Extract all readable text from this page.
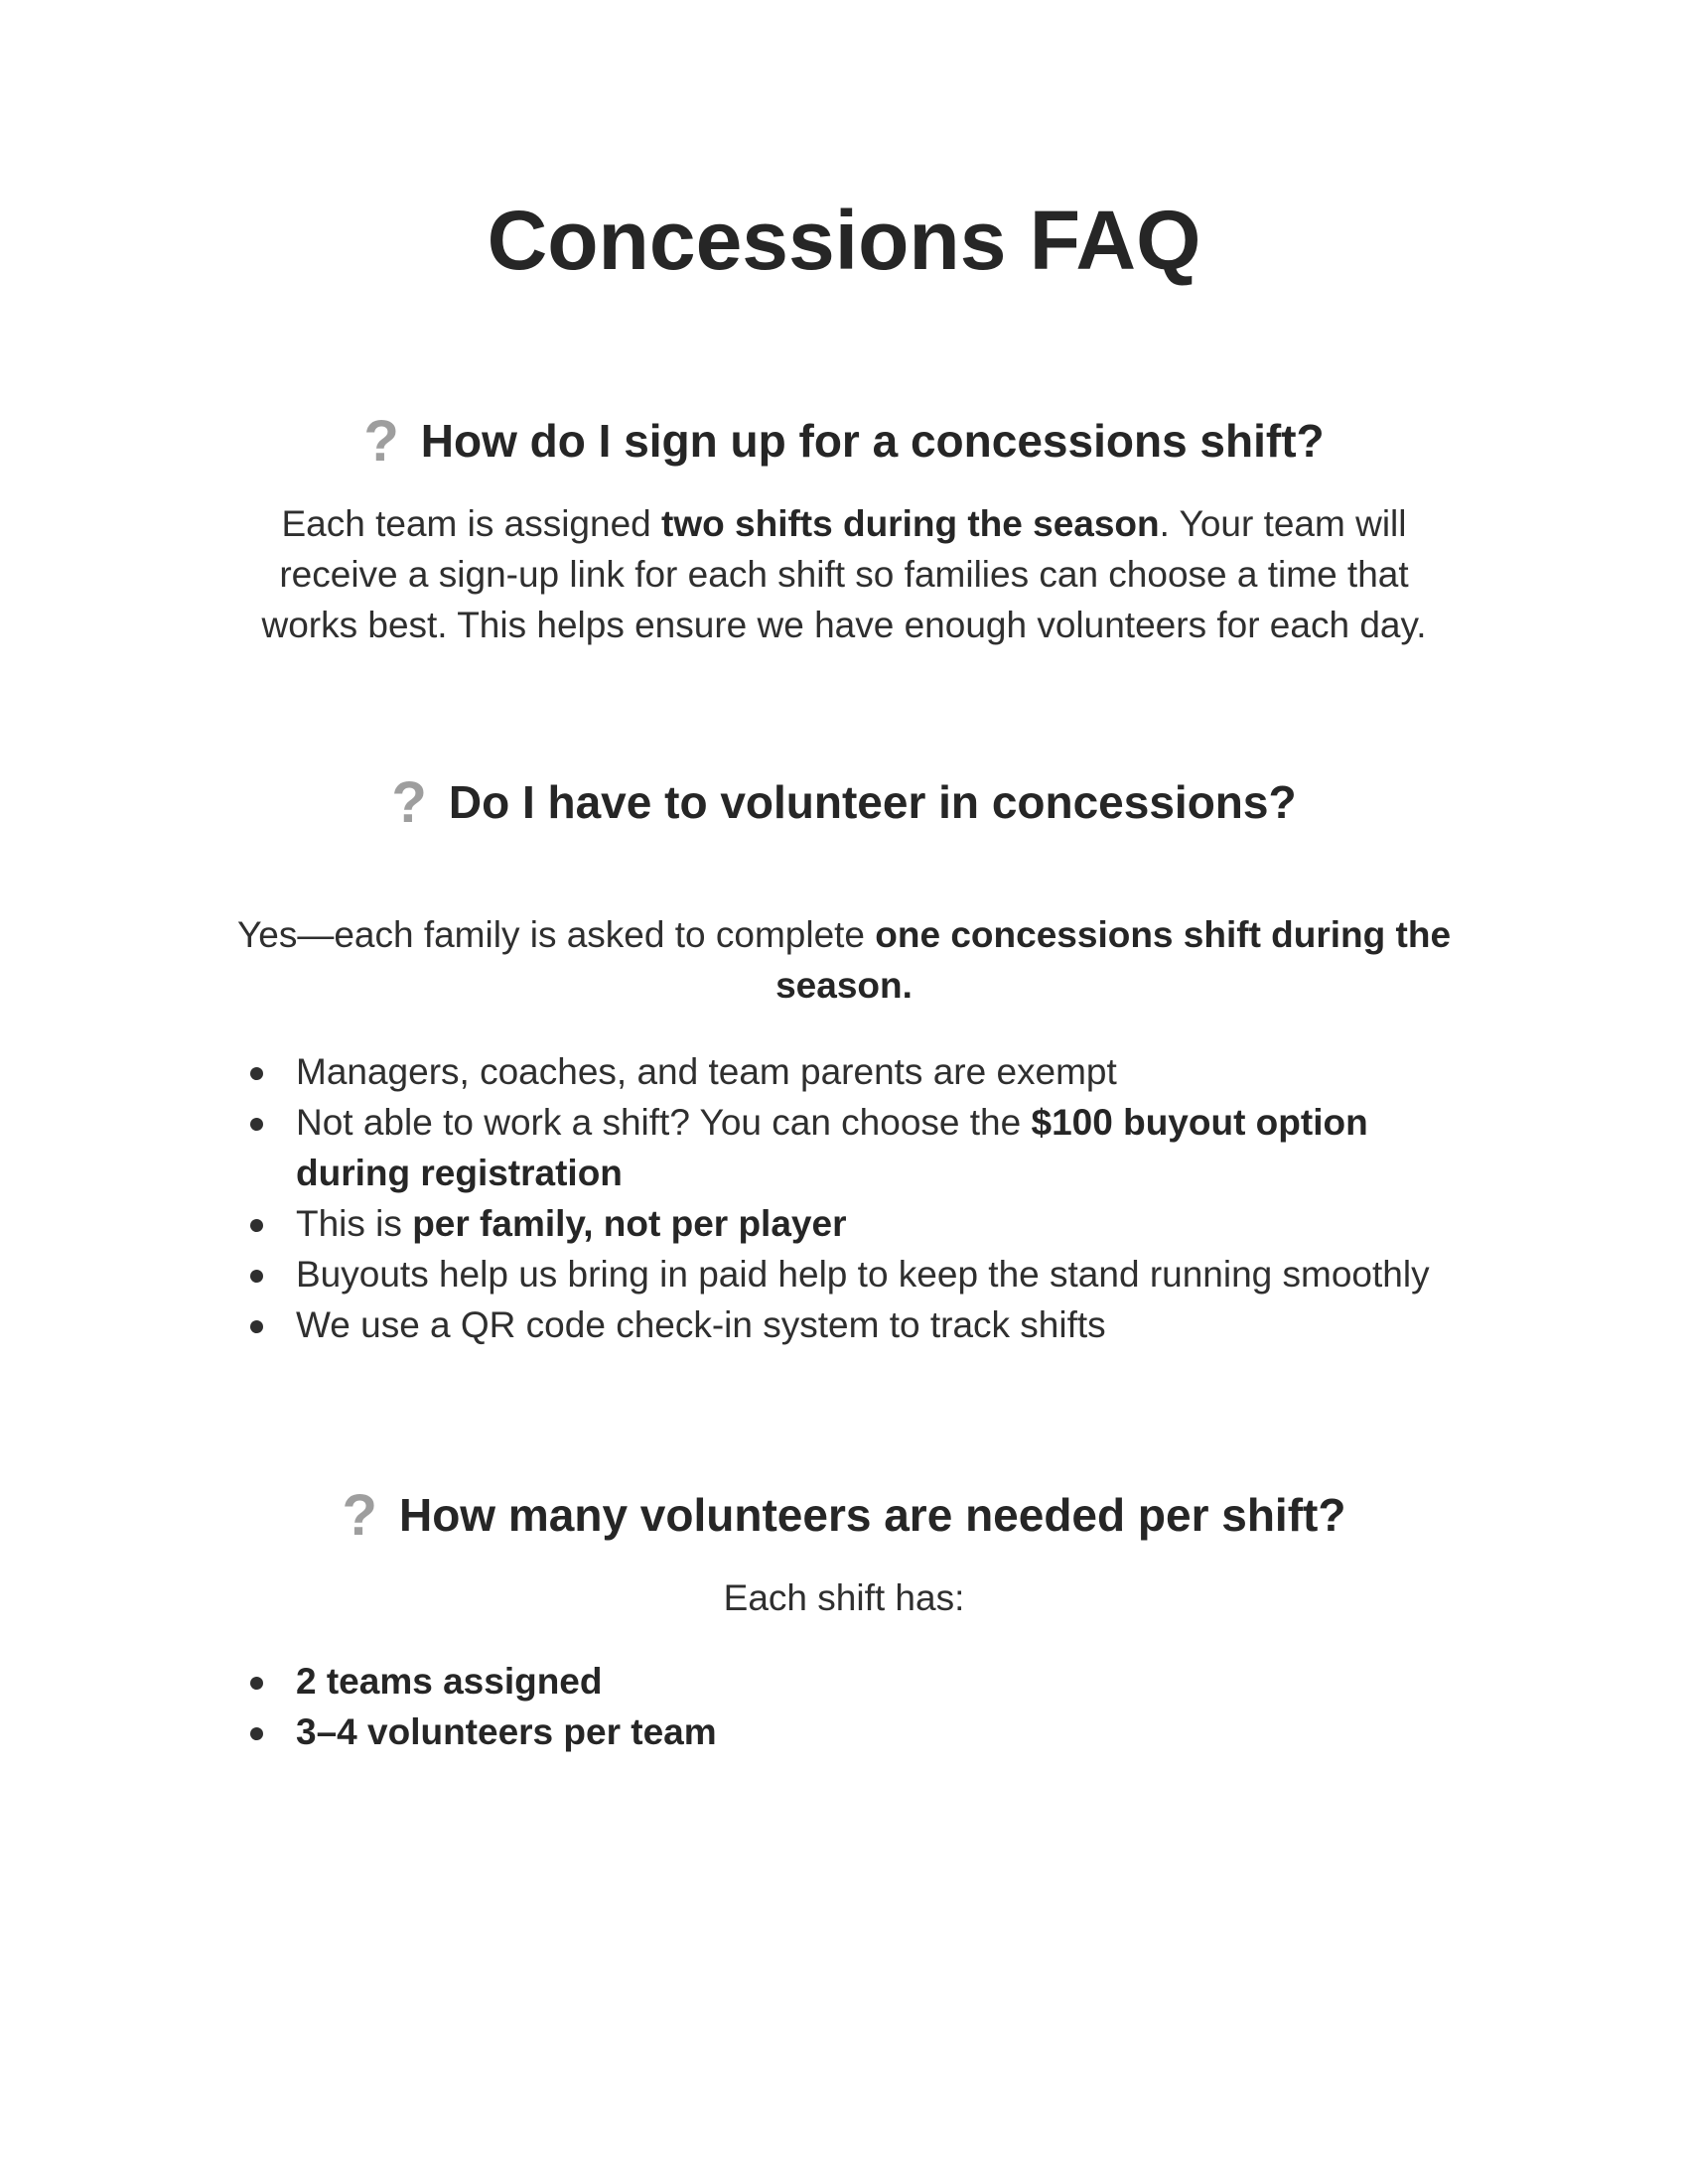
Concessions FAQ
? How do I sign up for a concessions shift?

Each team is assigned two shifts during the season. Your team will
receive a sign-up link for each shift so families can choose a time that
works best. This helps ensure we have enough volunteers for each day.

? Do I have to volunteer in concessions?

Yes—each family is asked to complete one concessions shift during the
season.

Managers, coaches, and team parents are exempt
Not able to work a shift? You can choose the $100 buyout option
during registration
This is per family, not per player
Buyouts help us bring in paid help to keep the stand running smoothly
We use a QR code check-in system to track shifts
? How many volunteers are needed per shift?

Each shift has:

2 teams assigned
3–4 volunteers per team
